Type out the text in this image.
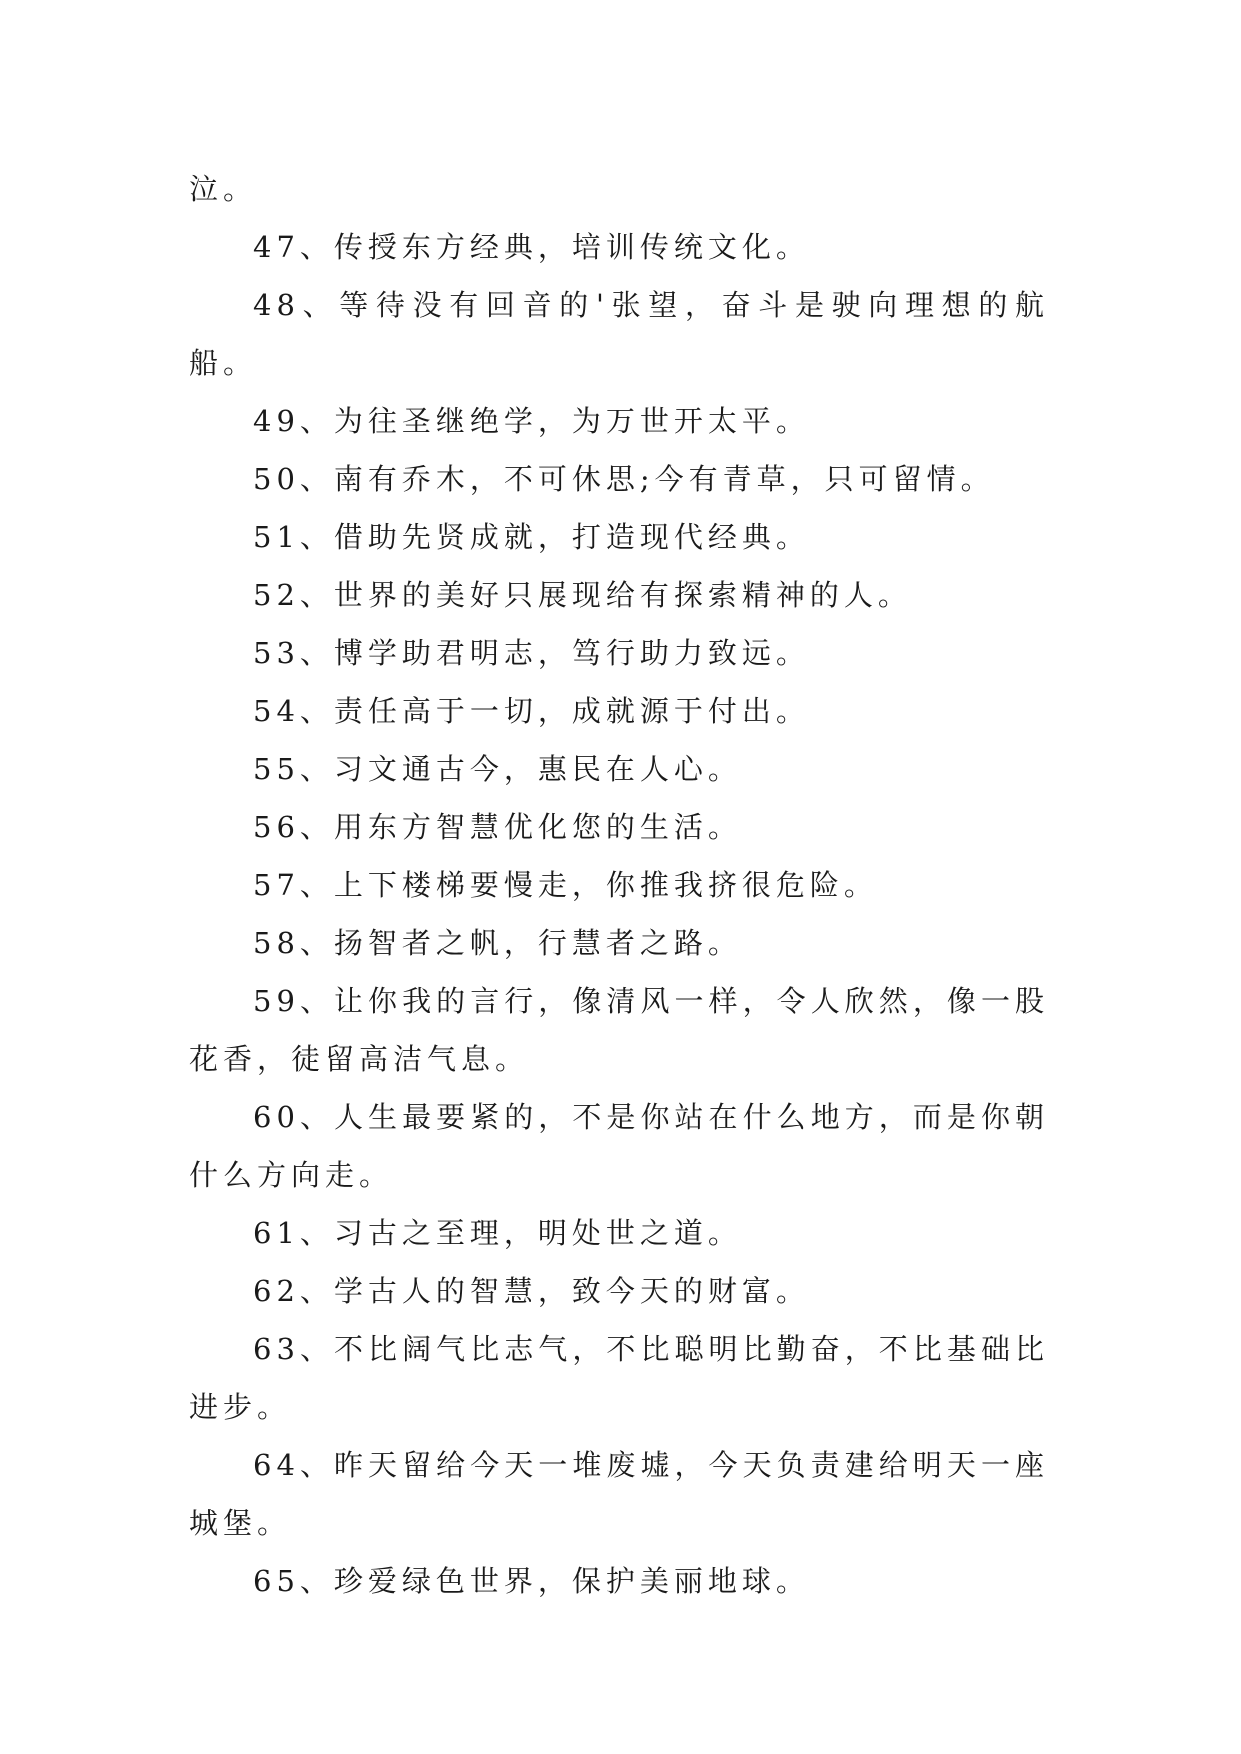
泣。

47、传授东方经典，培训传统文化。

48、等待没有回音的'张望，奋斗是驶向理想的航船。

49、为往圣继绝学，为万世开太平。

50、南有乔木，不可休思;今有青草，只可留情。

51、借助先贤成就，打造现代经典。

52、世界的美好只展现给有探索精神的人。

53、博学助君明志，笃行助力致远。

54、责任高于一切，成就源于付出。

55、习文通古今，惠民在人心。

56、用东方智慧优化您的生活。

57、上下楼梯要慢走，你推我挤很危险。

58、扬智者之帆，行慧者之路。

59、让你我的言行，像清风一样，令人欣然，像一股花香，徒留高洁气息。

60、人生最要紧的，不是你站在什么地方，而是你朝什么方向走。

61、习古之至理，明处世之道。

62、学古人的智慧，致今天的财富。

63、不比阔气比志气，不比聪明比勤奋，不比基础比进步。

64、昨天留给今天一堆废墟，今天负责建给明天一座城堡。

65、珍爱绿色世界，保护美丽地球。
